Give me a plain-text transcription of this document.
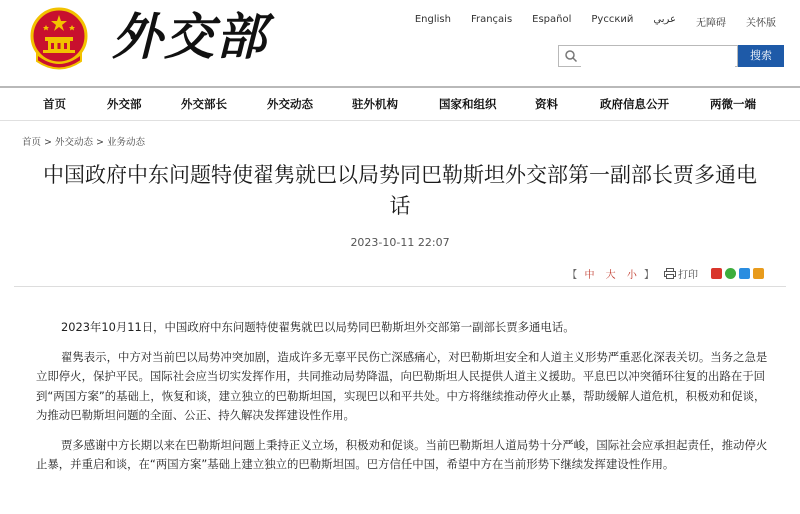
外交部	English	Français	Español	Русский	عربي	无障碍	关怀版
搜索
首页	外交部	外交部长	外交动态	驻外机构	国家和组织	资料	政府信息公开	两微一端
首页 > 外交动态 > 业务动态
中国政府中东问题特使翟隽就巴以局势同巴勒斯坦外交部第一副部长贾多通电话
2023-10-11 22:07
【 中 大 小 】 打印

2023年10月11日，中国政府中东问题特使翟隽就巴以局势同巴勒斯坦外交部第一副部长贾多通电话。

翟隽表示，中方对当前巴以局势冲突加剧，造成许多无辜平民伤亡深感痛心，对巴勒斯坦安全和人道主义形势严重恶化深表关切。当务之急是立即停火，保护平民。国际社会应当切实发挥作用，共同推动局势降温，向巴勒斯坦人民提供人道主义援助。平息巴以冲突循环往复的出路在于回到“两国方案”的基础上，恢复和谈，建立独立的巴勒斯坦国，实现巴以和平共处。中方将继续推动停火止暴，帮助缓解人道危机，积极劝和促谈，为推动巴勒斯坦问题的全面、公正、持久解决发挥建设性作用。

贾多感谢中方长期以来在巴勒斯坦问题上秉持正义立场，积极劝和促谈。当前巴勒斯坦人道局势十分严峻，国际社会应承担起责任，推动停火止暴，并重启和谈，在“两国方案”基础上建立独立的巴勒斯坦国。巴方信任中国，希望中方在当前形势下继续发挥建设性作用。
